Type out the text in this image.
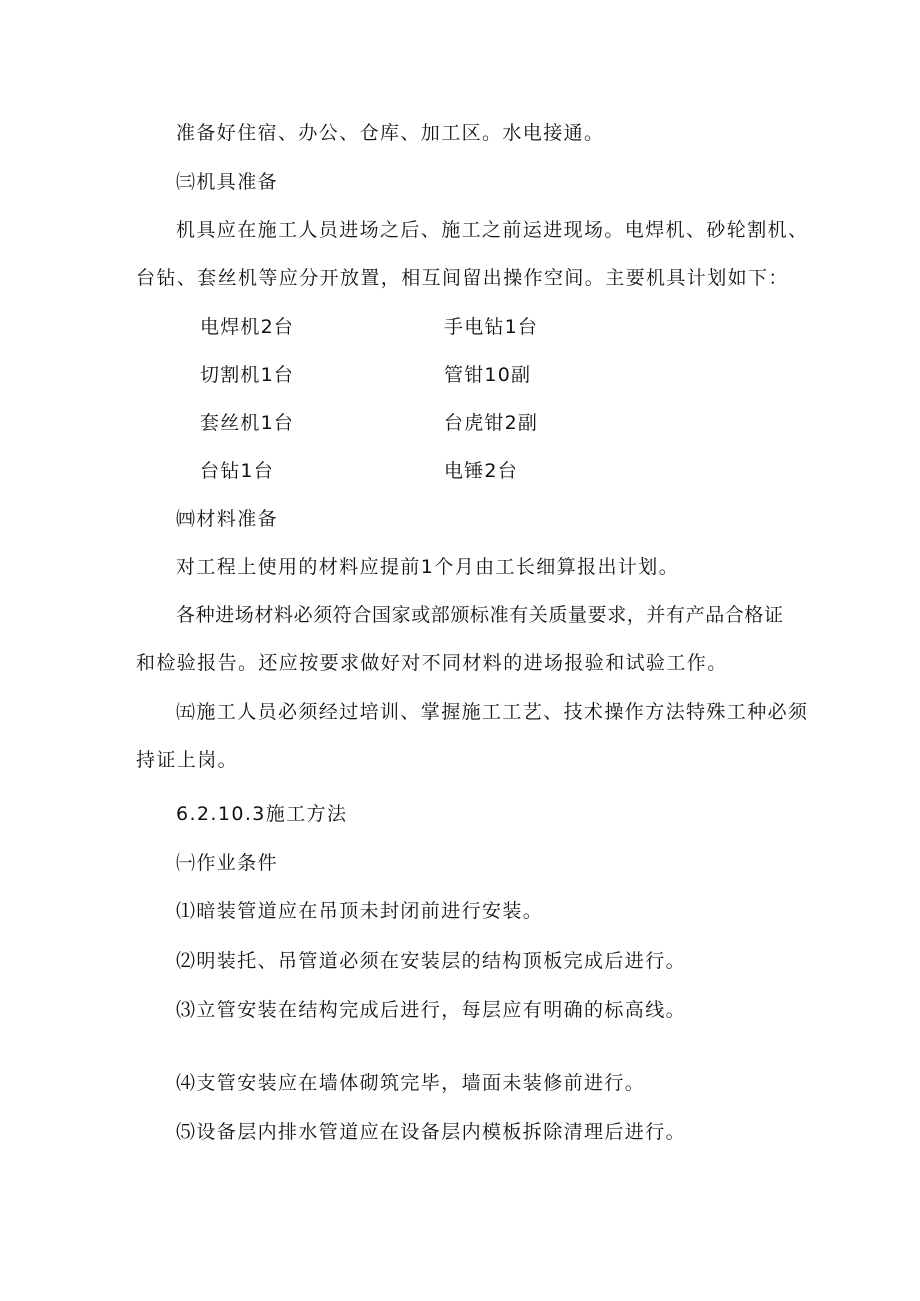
准备好住宿、办公、仓库、加工区。水电接通。
㈢机具准备
机具应在施工人员进场之后、施工之前运进现场。电焊机、砂轮割机、
台钻、套丝机等应分开放置，相互间留出操作空间。主要机具计划如下：
电焊机2台	手电钻1台
切割机1台	管钳10副
套丝机1台	台虎钳2副
台钻1台	电锤2台
㈣材料准备
对工程上使用的材料应提前1个月由工长细算报出计划。
各种进场材料必须符合国家或部颁标准有关质量要求，并有产品合格证
和检验报告。还应按要求做好对不同材料的进场报验和试验工作。
㈤施工人员必须经过培训、掌握施工工艺、技术操作方法特殊工种必须
持证上岗。
6.2.10.3施工方法
㈠作业条件
⑴暗装管道应在吊顶未封闭前进行安装。
⑵明装托、吊管道必须在安装层的结构顶板完成后进行。
⑶立管安装在结构完成后进行，每层应有明确的标高线。
⑷支管安装应在墙体砌筑完毕，墙面未装修前进行。
⑸设备层内排水管道应在设备层内模板拆除清理后进行。
